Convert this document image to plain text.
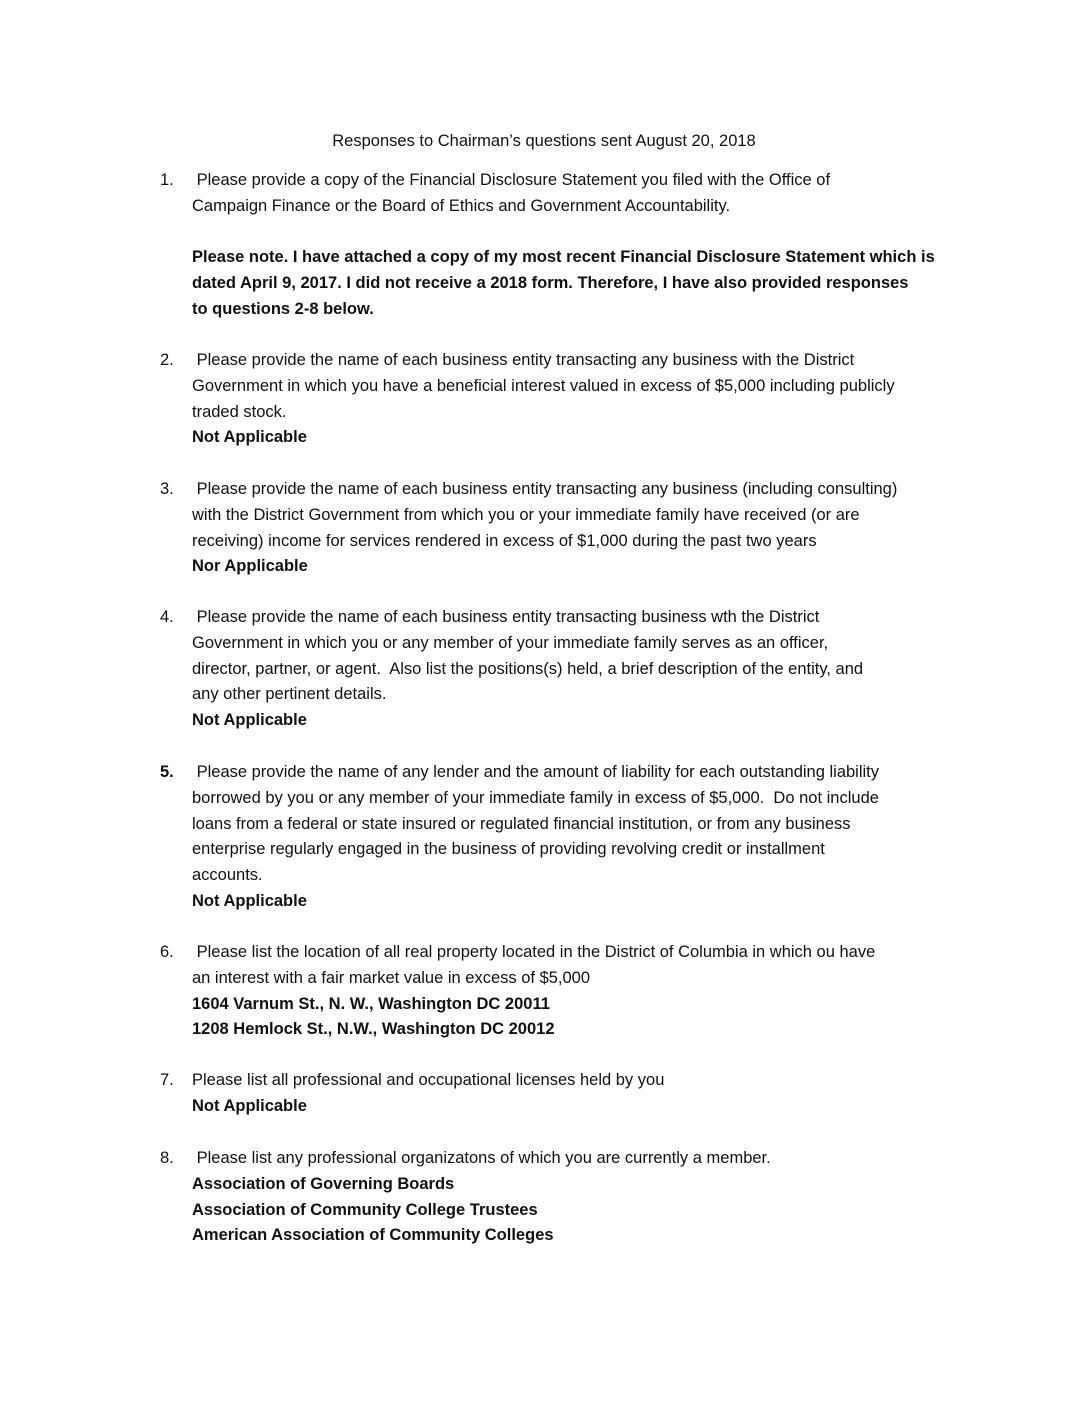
Responses to Chairman’s questions sent August 20, 2018
1. Please provide a copy of the Financial Disclosure Statement you filed with the Office of
Campaign Finance or the Board of Ethics and Government Accountability.
Please note. I have attached a copy of my most recent Financial Disclosure Statement which is
dated April 9, 2017. I did not receive a 2018 form. Therefore, I have also provided responses
to questions 2-8 below.
2. Please provide the name of each business entity transacting any business with the District
Government in which you have a beneficial interest valued in excess of $5,000 including publicly
traded stock.
Not Applicable
3. Please provide the name of each business entity transacting any business (including consulting)
with the District Government from which you or your immediate family have received (or are
receiving) income for services rendered in excess of $1,000 during the past two years
Nor Applicable
4. Please provide the name of each business entity transacting business wth the District
Government in which you or any member of your immediate family serves as an officer,
director, partner, or agent.  Also list the positions(s) held, a brief description of the entity, and
any other pertinent details.
Not Applicable
5. Please provide the name of any lender and the amount of liability for each outstanding liability
borrowed by you or any member of your immediate family in excess of $5,000.  Do not include
loans from a federal or state insured or regulated financial institution, or from any business
enterprise regularly engaged in the business of providing revolving credit or installment
accounts.
Not Applicable
6. Please list the location of all real property located in the District of Columbia in which ou have
an interest with a fair market value in excess of $5,000
1604 Varnum St., N. W., Washington DC 20011
1208 Hemlock St., N.W., Washington DC 20012
7. Please list all professional and occupational licenses held by you
Not Applicable
8. Please list any professional organizatons of which you are currently a member.
Association of Governing Boards
Association of Community College Trustees
American Association of Community Colleges
